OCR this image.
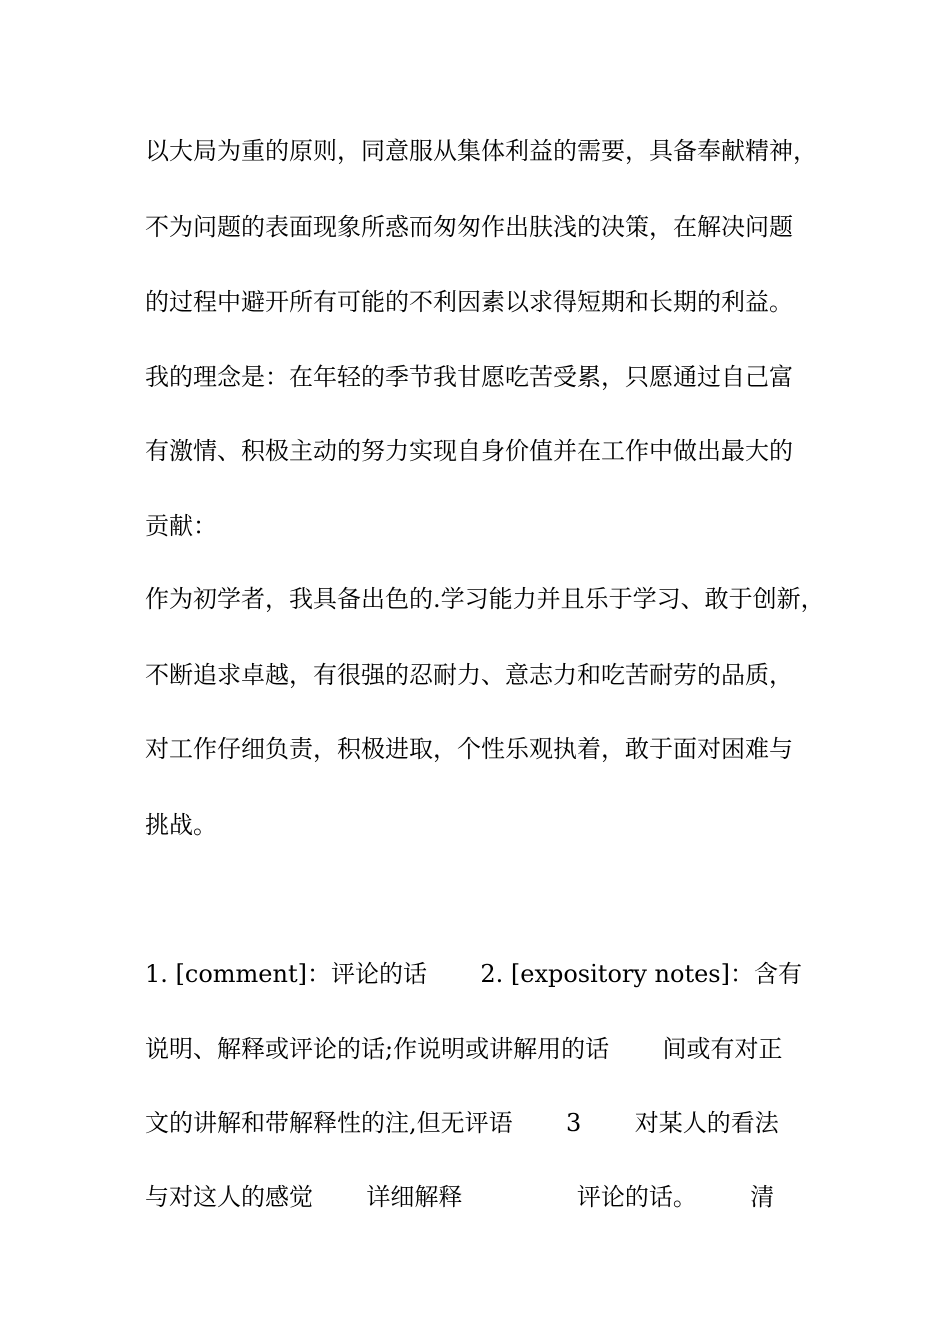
以大局为重的原则，同意服从集体利益的需要，具备奉献精神，
不为问题的表面现象所惑而匆匆作出肤浅的决策，在解决问题
的过程中避开所有可能的不利因素以求得短期和长期的利益。
我的理念是：在年轻的季节我甘愿吃苦受累，只愿通过自己富
有激情、积极主动的努力实现自身价值并在工作中做出最大的
贡献：
作为初学者，我具备出色的.学习能力并且乐于学习、敢于创新，
不断追求卓越，有很强的忍耐力、意志力和吃苦耐劳的品质，
对工作仔细负责，积极进取，个性乐观执着，敢于面对困难与
挑战。
1. [comment]：评论的话       2. [expository notes]：含有
说明、解释或评论的话;作说明或讲解用的话       间或有对正
文的讲解和带解释性的注,但无评语       3       对某人的看法
与对这人的感觉       详细解释               评论的话。       清
